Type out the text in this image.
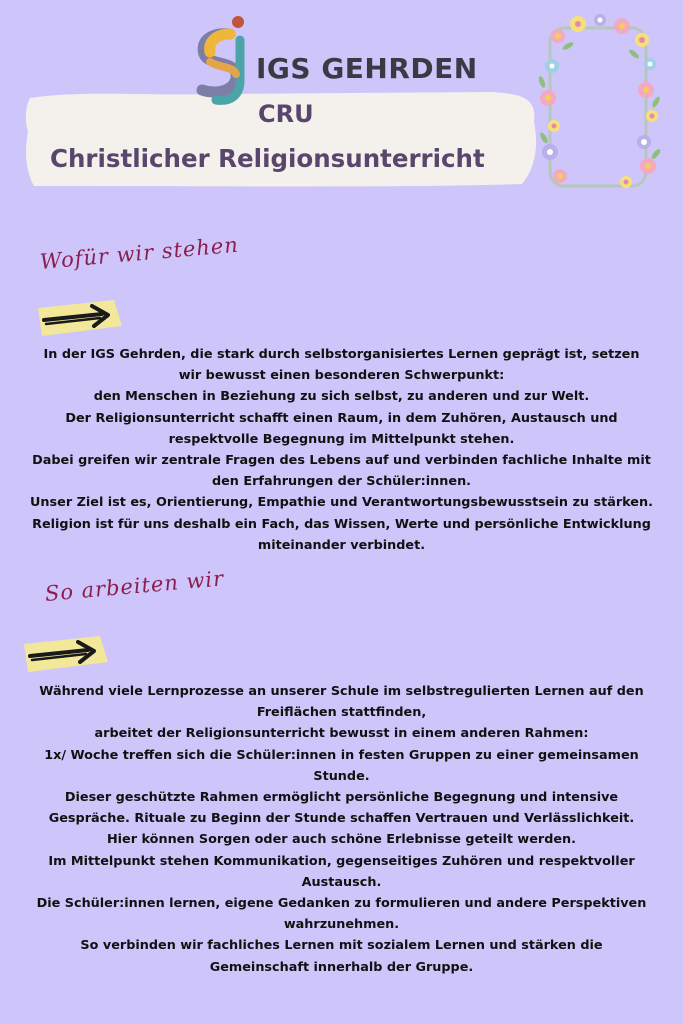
IGS GEHRDEN
CRU
Christlicher Religionsunterricht
Wofür wir stehen
In der IGS Gehrden, die stark durch selbstorganisiertes Lernen geprägt ist, setzen
wir bewusst einen besonderen Schwerpunkt:
den Menschen in Beziehung zu sich selbst, zu anderen und zur Welt.
Der Religionsunterricht schafft einen Raum, in dem Zuhören, Austausch und
respektvolle Begegnung im Mittelpunkt stehen.
Dabei greifen wir zentrale Fragen des Lebens auf und verbinden fachliche Inhalte mit
den Erfahrungen der Schüler:innen.
Unser Ziel ist es, Orientierung, Empathie und Verantwortungsbewusstsein zu stärken.
Religion ist für uns deshalb ein Fach, das Wissen, Werte und persönliche Entwicklung
miteinander verbindet.
So arbeiten wir
Während viele Lernprozesse an unserer Schule im selbstregulierten Lernen auf den
Freiflächen stattfinden,
arbeitet der Religionsunterricht bewusst in einem anderen Rahmen:
1x/ Woche treffen sich die Schüler:innen in festen Gruppen zu einer gemeinsamen
Stunde.
Dieser geschützte Rahmen ermöglicht persönliche Begegnung und intensive
Gespräche. Rituale zu Beginn der Stunde schaffen Vertrauen und Verlässlichkeit.
Hier können Sorgen oder auch schöne Erlebnisse geteilt werden.
Im Mittelpunkt stehen Kommunikation, gegenseitiges Zuhören und respektvoller
Austausch.
Die Schüler:innen lernen, eigene Gedanken zu formulieren und andere Perspektiven
wahrzunehmen.
So verbinden wir fachliches Lernen mit sozialem Lernen und stärken die
Gemeinschaft innerhalb der Gruppe.
